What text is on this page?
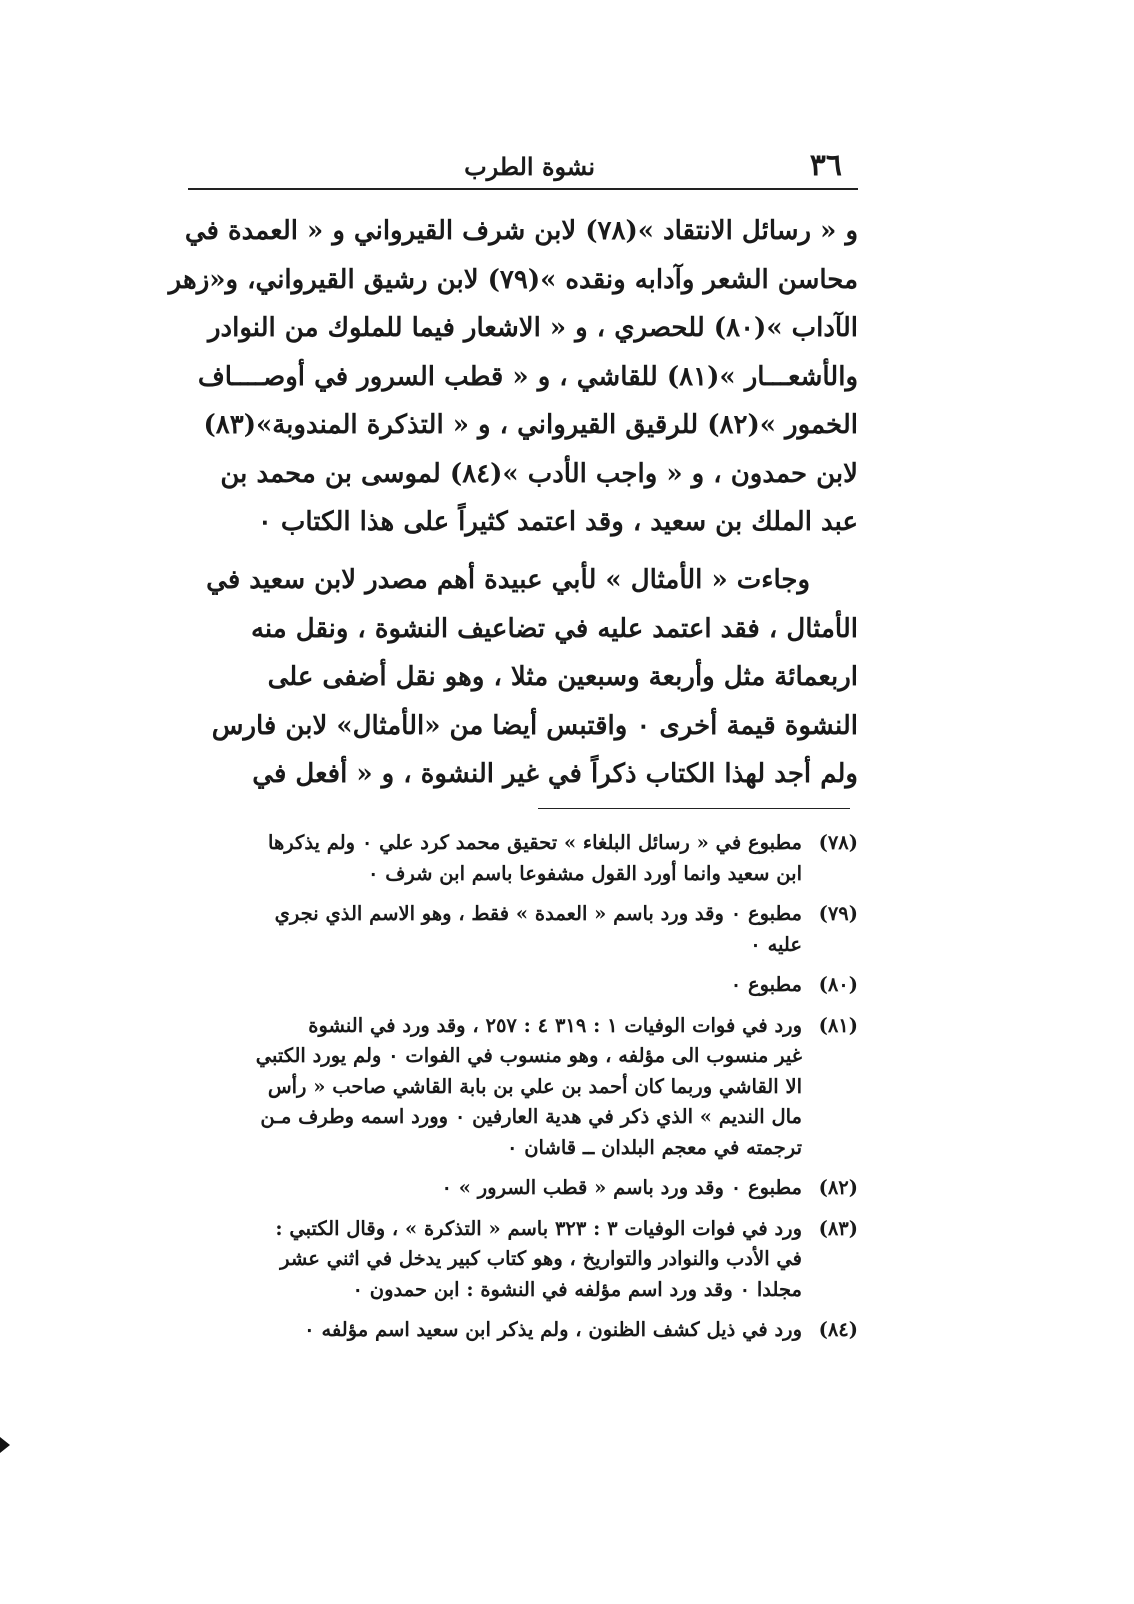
٣٦
نشوة الطرب
و « رسائل الانتقاد »(٧٨) لابن شرف القيرواني و « العمدة في
محاسن الشعر وآدابه ونقده »(٧٩) لابن رشيق القيرواني، و«زهر
الآداب »(٨٠) للحصري ، و « الاشعار فيما للملوك من النوادر
والأشعـــار »(٨١) للقاشي ، و « قطب السرور في أوصــــاف
الخمور »(٨٢) للرقيق القيرواني ، و « التذكرة المندوبة»(٨٣)
لابن حمدون ، و « واجب الأدب »(٨٤) لموسى بن محمد بن
عبد الملك بن سعيد ، وقد اعتمد كثيراً على هذا الكتاب ٠
وجاءت « الأمثال » لأبي عبيدة أهم مصدر لابن سعيد في
الأمثال ، فقد اعتمد عليه في تضاعيف النشوة ، ونقل منه
اربعمائة مثل وأربعة وسبعين مثلا ، وهو نقل أضفى على
النشوة قيمة أخرى ٠ واقتبس أيضا من «الأمثال» لابن فارس
ولم أجد لهذا الكتاب ذكراً في غير النشوة ، و « أفعل في
(٧٨)
مطبوع في « رسائل البلغاء » تحقيق محمد كرد علي ٠ ولم يذكرها
ابن سعيد وانما أورد القول مشفوعا باسم ابن شرف ٠
(٧٩)
مطبوع ٠ وقد ورد باسم « العمدة » فقط ، وهو الاسم الذي نجري
عليه ٠
(٨٠)
مطبوع ٠
(٨١)
ورد في فوات الوفيات ١ : ٣١٩ ٤ : ٢٥٧ ، وقد ورد في النشوة
غير منسوب الى مؤلفه ، وهو منسوب في الفوات ٠ ولم يورد الكتبي
الا القاشي وربما كان أحمد بن علي بن بابة القاشي صاحب « رأس
مال النديم » الذي ذكر في هدية العارفين ٠ وورد اسمه وطرف مـن
ترجمته في معجم البلدان ــ قاشان ٠
(٨٢)
مطبوع ٠ وقد ورد باسم « قطب السرور » ٠
(٨٣)
ورد في فوات الوفيات ٣ : ٣٢٣ باسم « التذكرة » ، وقال الكتبي :
في الأدب والنوادر والتواريخ ، وهو كتاب كبير يدخل في اثني عشر
مجلدا ٠ وقد ورد اسم مؤلفه في النشوة : ابن حمدون ٠
(٨٤)
ورد في ذيل كشف الظنون ، ولم يذكر ابن سعيد اسم مؤلفه ٠
